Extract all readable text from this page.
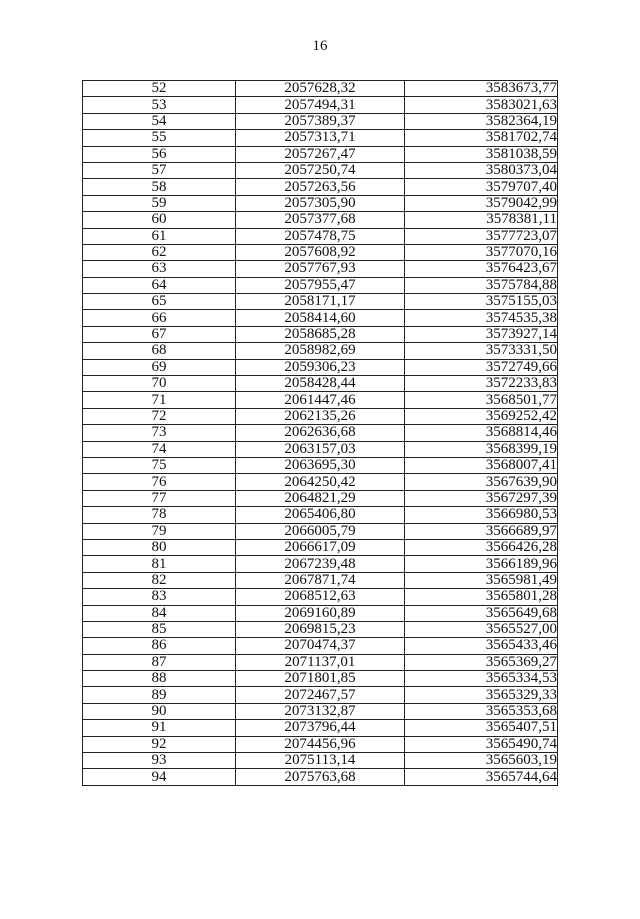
16
52	2057628,32	3583673,77
53	2057494,31	3583021,63
54	2057389,37	3582364,19
55	2057313,71	3581702,74
56	2057267,47	3581038,59
57	2057250,74	3580373,04
58	2057263,56	3579707,40
59	2057305,90	3579042,99
60	2057377,68	3578381,11
61	2057478,75	3577723,07
62	2057608,92	3577070,16
63	2057767,93	3576423,67
64	2057955,47	3575784,88
65	2058171,17	3575155,03
66	2058414,60	3574535,38
67	2058685,28	3573927,14
68	2058982,69	3573331,50
69	2059306,23	3572749,66
70	2058428,44	3572233,83
71	2061447,46	3568501,77
72	2062135,26	3569252,42
73	2062636,68	3568814,46
74	2063157,03	3568399,19
75	2063695,30	3568007,41
76	2064250,42	3567639,90
77	2064821,29	3567297,39
78	2065406,80	3566980,53
79	2066005,79	3566689,97
80	2066617,09	3566426,28
81	2067239,48	3566189,96
82	2067871,74	3565981,49
83	2068512,63	3565801,28
84	2069160,89	3565649,68
85	2069815,23	3565527,00
86	2070474,37	3565433,46
87	2071137,01	3565369,27
88	2071801,85	3565334,53
89	2072467,57	3565329,33
90	2073132,87	3565353,68
91	2073796,44	3565407,51
92	2074456,96	3565490,74
93	2075113,14	3565603,19
94	2075763,68	3565744,64
